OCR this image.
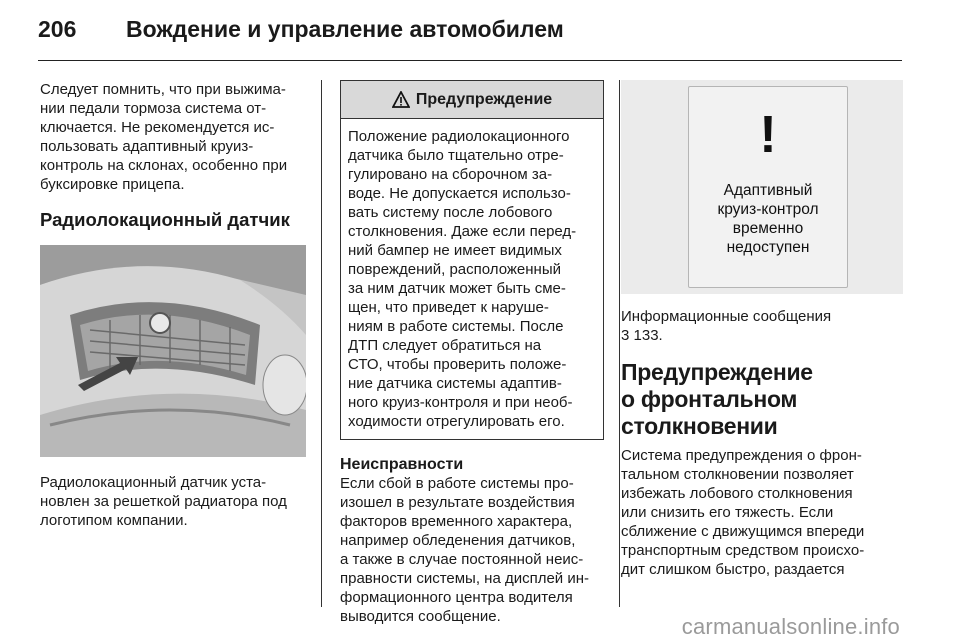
206 Вождение и управление автомобилем

Следует помнить, что при выжима-
нии педали тормоза система от-
ключается. Не рекомендуется ис-
пользовать адаптивный круиз-
контроль на склонах, особенно при
буксировке прицепа.

Радиолокационный датчик

Радиолокационный датчик уста-
новлен за решеткой радиатора под
логотипом компании.

Предупреждение
Положение радиолокационного
датчика было тщательно отре-
гулировано на сборочном за-
воде. Не допускается использо-
вать систему после лобового
столкновения. Даже если перед-
ний бампер не имеет видимых
повреждений, расположенный
за ним датчик может быть сме-
щен, что приведет к наруше-
ниям в работе системы. После
ДТП следует обратиться на
СТО, чтобы проверить положе-
ние датчика системы адаптив-
ного круиз-контроля и при необ-
ходимости отрегулировать его.

Неисправности

Если сбой в работе системы про-
изошел в результате воздействия
факторов временного характера,
например обледенения датчиков,
а также в случае постоянной неис-
правности системы, на дисплей ин-
формационного центра водителя
выводится сообщение.

!
Адаптивный
круиз-контрол
временно
недоступен

Информационные сообщения
3 133.

Предупреждение
о фронтальном
столкновении

Система предупреждения о фрон-
тальном столкновении позволяет
избежать лобового столкновения
или снизить его тяжесть. Если
сближение с движущимся впереди
транспортным средством происхо-
дит слишком быстро, раздается

carmanualsonline.info
